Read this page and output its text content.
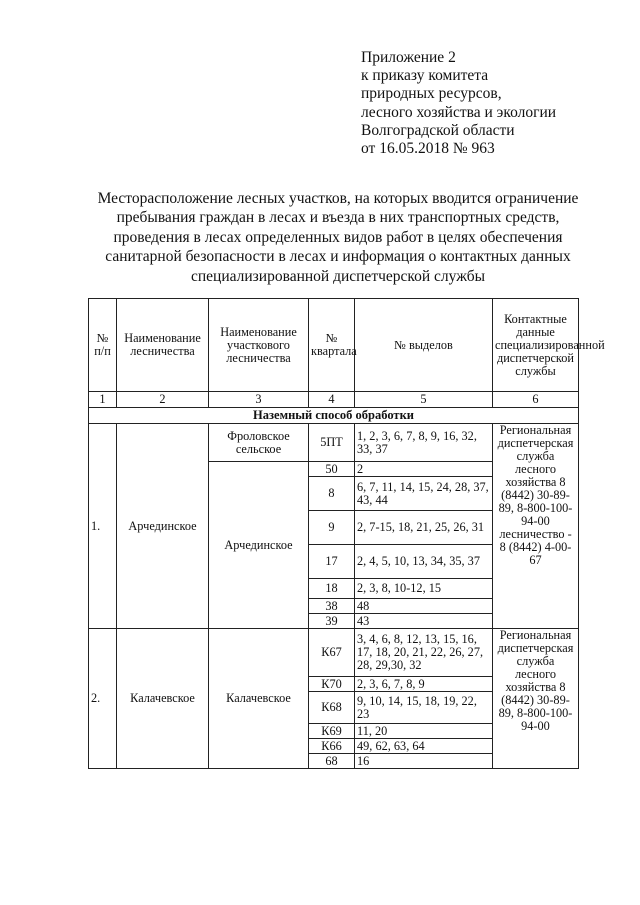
Приложение 2
к приказу комитета
природных ресурсов,
лесного хозяйства и экологии
Волгоградской области
от 16.05.2018 № 963
Месторасположение лесных участков, на которых вводится ограничение
пребывания граждан в лесах и въезда в них транспортных средств,
проведения в лесах определенных видов работ в целях обеспечения
санитарной безопасности в лесах и информация о контактных данных
специализированной диспетчерской службы
№ п/п	Наименование лесничества	Наименование участкового лесничества	№ квартала	№ выделов	Контактные данные специализированной диспетчерской службы
1	2	3	4	5	6
Наземный способ обработки					
1.	Арчединское	Фроловское сельское	5ПТ	1, 2, 3, 6, 7, 8, 9, 16, 32, 33, 37	Региональная диспетчерская служба лесного хозяйства 8 (8442) 30-89-89, 8-800-100-94-00 лесничество - 8 (8442) 4-00-67
		Арчединское	50	2	
			8	6, 7, 11, 14, 15, 24, 28, 37, 43, 44	
			9	2, 7-15, 18, 21, 25, 26, 31	
			17	2, 4, 5, 10, 13, 34, 35, 37	
			18	2, 3, 8, 10-12, 15	
			38	48	
			39	43	
2.	Калачевское	Калачевское	К67	3, 4, 6, 8, 12, 13, 15, 16, 17, 18, 20, 21, 22, 26, 27, 28, 29,30, 32	Региональная диспетчерская служба лесного хозяйства 8 (8442) 30-89-89, 8-800-100-94-00
			К70	2, 3, 6, 7, 8, 9	
			К68	9, 10, 14, 15, 18, 19, 22, 23	
			К69	11, 20	
			К66	49, 62, 63, 64	
			68	16	
